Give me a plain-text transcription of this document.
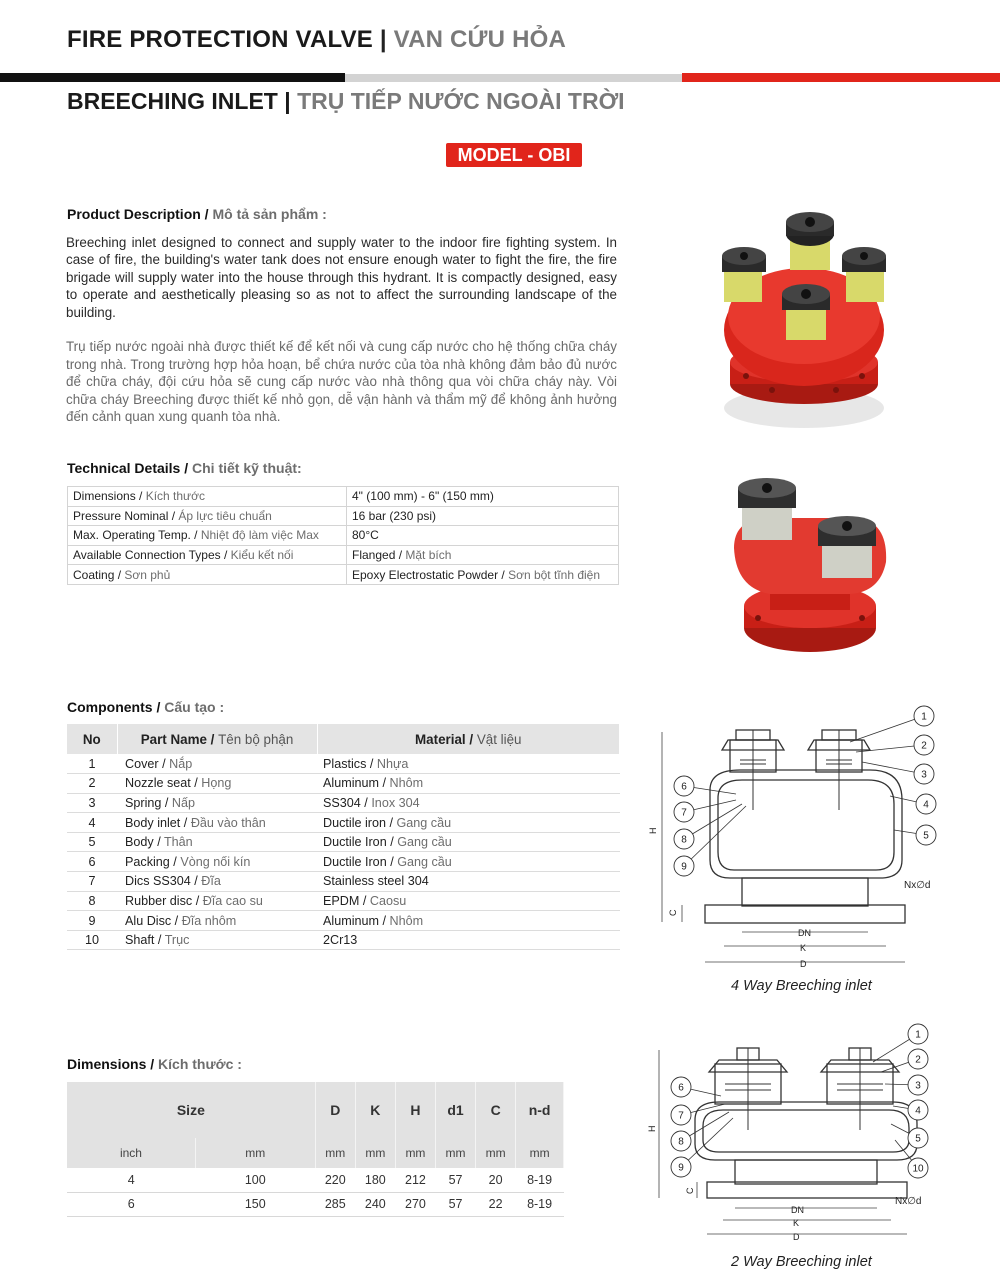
FIRE PROTECTION VALVE | VAN CỨU HỎA
BREECHING INLET | TRỤ TIẾP NƯỚC NGOÀI TRỜI
MODEL - OBI
Product Description / Mô tả sản phẩm :

Breeching inlet designed to connect and supply water to the indoor fire fighting system. In case of fire, the building's water tank does not ensure enough water to fight the fire, the fire brigade will supply water into the house through this hydrant. It is compactly designed, easy to operate and aesthetically pleasing so as not to affect the surrounding landscape of the building.

Trụ tiếp nước ngoài nhà được thiết kế để kết nối và cung cấp nước cho hệ thống chữa cháy trong nhà. Trong trường hợp hỏa hoạn, bể chứa nước của tòa nhà không đảm bảo đủ nước để chữa cháy, đội cứu hỏa sẽ cung cấp nước vào nhà thông qua vòi chữa cháy này. Vòi chữa cháy Breeching được thiết kế nhỏ gọn, dễ vận hành và thẩm mỹ để không ảnh hưởng đến cảnh quan xung quanh tòa nhà.

Technical Details / Chi tiết kỹ thuật:
Dimensions / Kích thước	4" (100 mm) - 6" (150 mm)
Pressure Nominal / Áp lực tiêu chuẩn	16 bar (230 psi)
Max. Operating Temp. / Nhiệt độ làm việc Max	80°C
Available Connection Types / Kiểu kết nối	Flanged / Mặt bích
Coating / Sơn phủ	Epoxy Electrostatic Powder / Sơn bột tĩnh điện
Components / Cấu tạo :
No	Part Name / Tên bộ phận	Material / Vật liệu
1	Cover / Nắp	Plastics / Nhựa
2	Nozzle seat / Họng	Aluminum / Nhôm
3	Spring / Nấp	SS304 / Inox 304
4	Body inlet / Đầu vào thân	Ductile iron / Gang cầu
5	Body / Thân	Ductile Iron / Gang cầu
6	Packing / Vòng nối kín	Ductile Iron / Gang cầu
7	Dics SS304 / Đĩa	Stainless steel 304
8	Rubber disc / Đĩa cao su	EPDM / Caosu
9	Alu Disc / Đĩa nhôm	Aluminum / Nhôm
10	Shaft / Trục	2Cr13
H
C
DN
K
D
Nx∅d
1
2
3
4
5
6
7
8
9
4 Way Breeching inlet
Dimensions / Kích thước :
Size		D	K	H	d1	C	n-d
inch	mm	mm	mm	mm	mm	mm	mm
4	100	220	180	212	57	20	8-19
6	150	285	240	270	57	22	8-19
H
C
DN
K
D
Nx∅d
1
2
3
4
5
6
7
8
9	10
2 Way Breeching inlet
